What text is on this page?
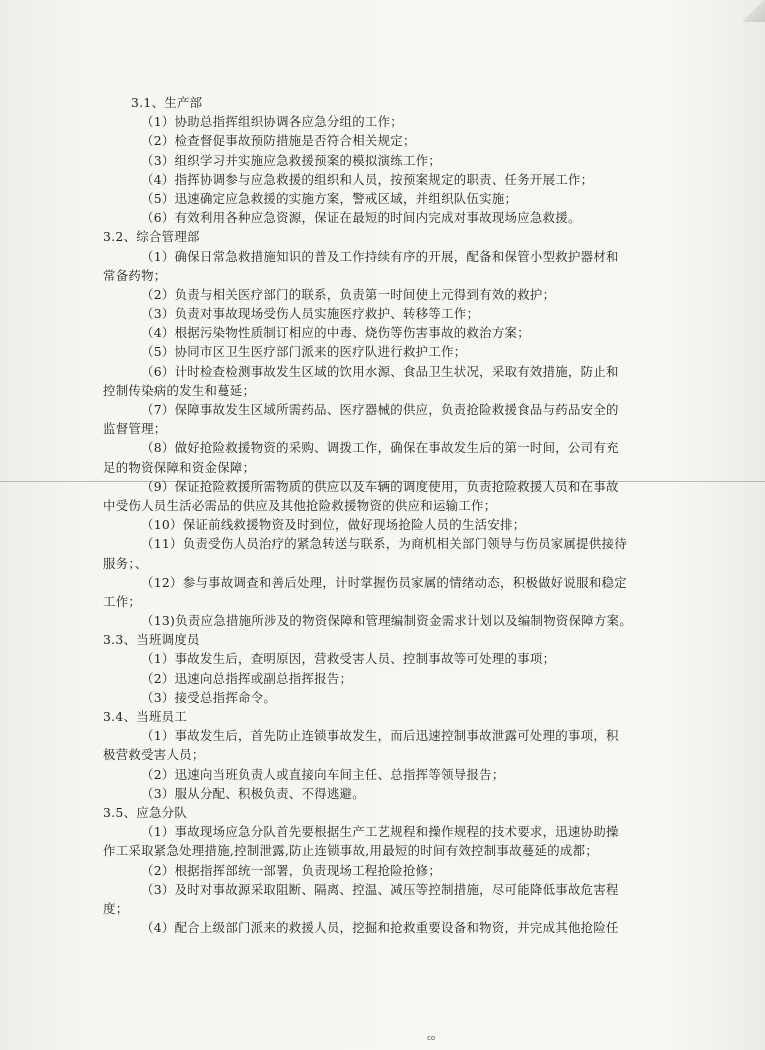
3.1、生产部
（1）协助总指挥组织协调各应急分组的工作；
（2）检查督促事故预防措施是否符合相关规定；
（3）组织学习并实施应急救援预案的模拟演练工作；
（4）指挥协调参与应急救援的组织和人员，按预案规定的职责、任务开展工作；
（5）迅速确定应急救援的实施方案，警戒区域，并组织队伍实施；
（6）有效利用各种应急资源，保证在最短的时间内完成对事故现场应急救援。
3.2、综合管理部
（1）确保日常急救措施知识的普及工作持续有序的开展，配备和保管小型救护器材和
常备药物；
（2）负责与相关医疗部门的联系，负责第一时间使上元得到有效的救护；
（3）负责对事故现场受伤人员实施医疗救护、转移等工作；
（4）根据污染物性质制订相应的中毒、烧伤等伤害事故的救治方案；
（5）协同市区卫生医疗部门派来的医疗队进行救护工作；
（6）计时检查检测事故发生区域的饮用水源、食品卫生状况，采取有效措施，防止和
控制传染病的发生和蔓延；
（7）保障事故发生区域所需药品、医疗器械的供应，负责抢险救援食品与药品安全的
监督管理；
（8）做好抢险救援物资的采购、调拨工作，确保在事故发生后的第一时间，公司有充
足的物资保障和资金保障；
（9）保证抢险救援所需物质的供应以及车辆的调度使用，负责抢险救援人员和在事故
中受伤人员生活必需品的供应及其他抢险救援物资的供应和运输工作；
（10）保证前线救援物资及时到位，做好现场抢险人员的生活安排；
（11）负责受伤人员治疗的紧急转送与联系，为商机相关部门领导与伤员家属提供接待
服务；、
（12）参与事故调查和善后处理，计时掌握伤员家属的情绪动态，积极做好说服和稳定
工作；
（13)负责应急措施所涉及的物资保障和管理编制资金需求计划以及编制物资保障方案。
3.3、当班调度员
（1）事故发生后，查明原因，营救受害人员、控制事故等可处理的事项；
（2）迅速向总指挥或副总指挥报告；
（3）接受总指挥命令。
3.4、当班员工
（1）事故发生后，首先防止连锁事故发生，而后迅速控制事故泄露可处理的事项，积
极营救受害人员；
（2）迅速向当班负责人或直接向车间主任、总指挥等领导报告；
（3）服从分配、积极负责、不得逃避。
3.5、应急分队
（1）事故现场应急分队首先要根据生产工艺规程和操作规程的技术要求，迅速协助操
作工采取紧急处理措施,控制泄露,防止连锁事故,用最短的时间有效控制事故蔓延的成都；
（2）根据指挥部统一部署，负责现场工程抢险抢修；
（3）及时对事故源采取阻断、隔离、控温、减压等控制措施，尽可能降低事故危害程
度；
（4）配合上级部门派来的救援人员，挖掘和抢救重要设备和物资，并完成其他抢险任
co
